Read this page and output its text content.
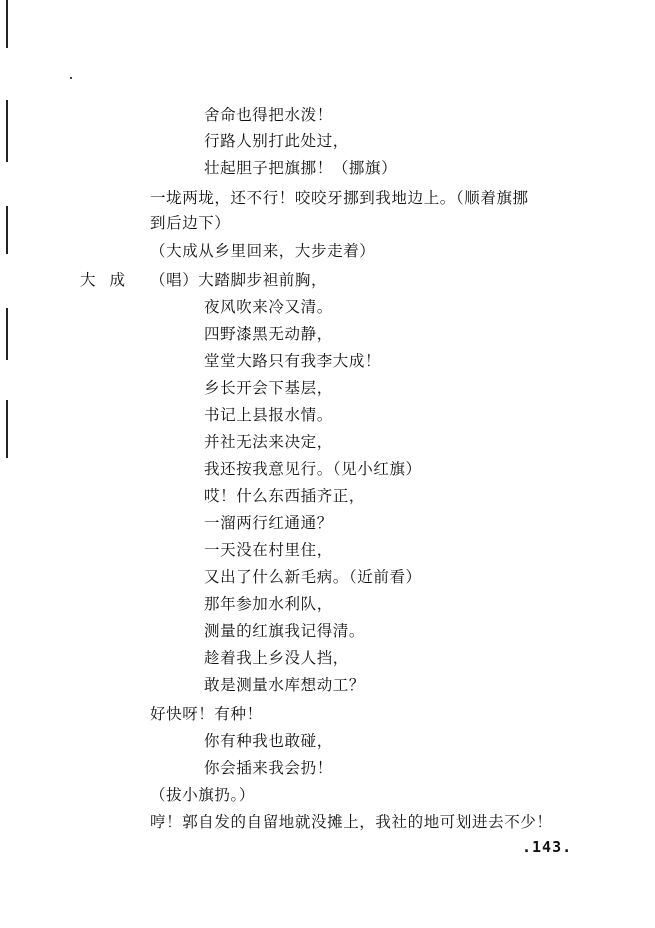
舍命也得把水泼！
行路人别打此处过，
壮起胆子把旗挪！（挪旗）
一垅两垅，还不行！咬咬牙挪到我地边上。（顺着旗挪
到后边下）
（大成从乡里回来，大步走着）
大成 （唱）大踏脚步袒前胸，
夜风吹来冷又清。
四野漆黑无动静，
堂堂大路只有我李大成！
乡长开会下基层，
书记上县报水情。
并社无法来决定，
我还按我意见行。（见小红旗）
哎！什么东西插齐正，
一溜两行红通通？
一天没在村里住，
又出了什么新毛病。（近前看）
那年参加水利队，
测量的红旗我记得清。
趁着我上乡没人挡，
敢是测量水库想动工？
好快呀！有种！
你有种我也敢碰，
你会插来我会扔！
（拔小旗扔。）
哼！郭自发的自留地就没摊上，我社的地可划进去不少！
.143.
